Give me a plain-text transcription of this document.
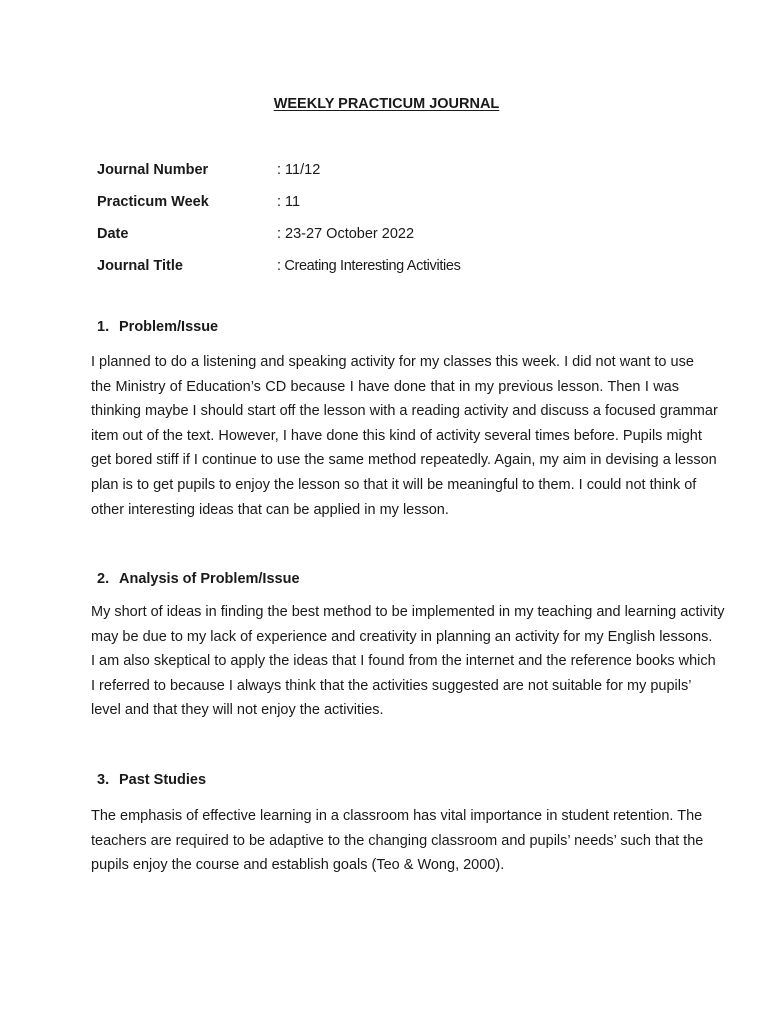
WEEKLY PRACTICUM JOURNAL
Journal Number	: 11/12
Practicum Week	: 11
Date	: 23-27 October 2022
Journal Title	: Creating Interesting Activities
1. Problem/Issue
I planned to do a listening and speaking activity for my classes this week. I did not want to use
the Ministry of Education’s CD because I have done that in my previous lesson. Then I was
thinking maybe I should start off the lesson with a reading activity and discuss a focused grammar
item out of the text. However, I have done this kind of activity several times before. Pupils might
get bored stiff if I continue to use the same method repeatedly. Again, my aim in devising a lesson
plan is to get pupils to enjoy the lesson so that it will be meaningful to them. I could not think of
other interesting ideas that can be applied in my lesson.
2. Analysis of Problem/Issue
My short of ideas in finding the best method to be implemented in my teaching and learning activity
may be due to my lack of experience and creativity in planning an activity for my English lessons.
I am also skeptical to apply the ideas that I found from the internet and the reference books which
I referred to because I always think that the activities suggested are not suitable for my pupils’
level and that they will not enjoy the activities.
3. Past Studies
The emphasis of effective learning in a classroom has vital importance in student retention. The
teachers are required to be adaptive to the changing classroom and pupils’ needs’ such that the
pupils enjoy the course and establish goals (Teo & Wong, 2000).
